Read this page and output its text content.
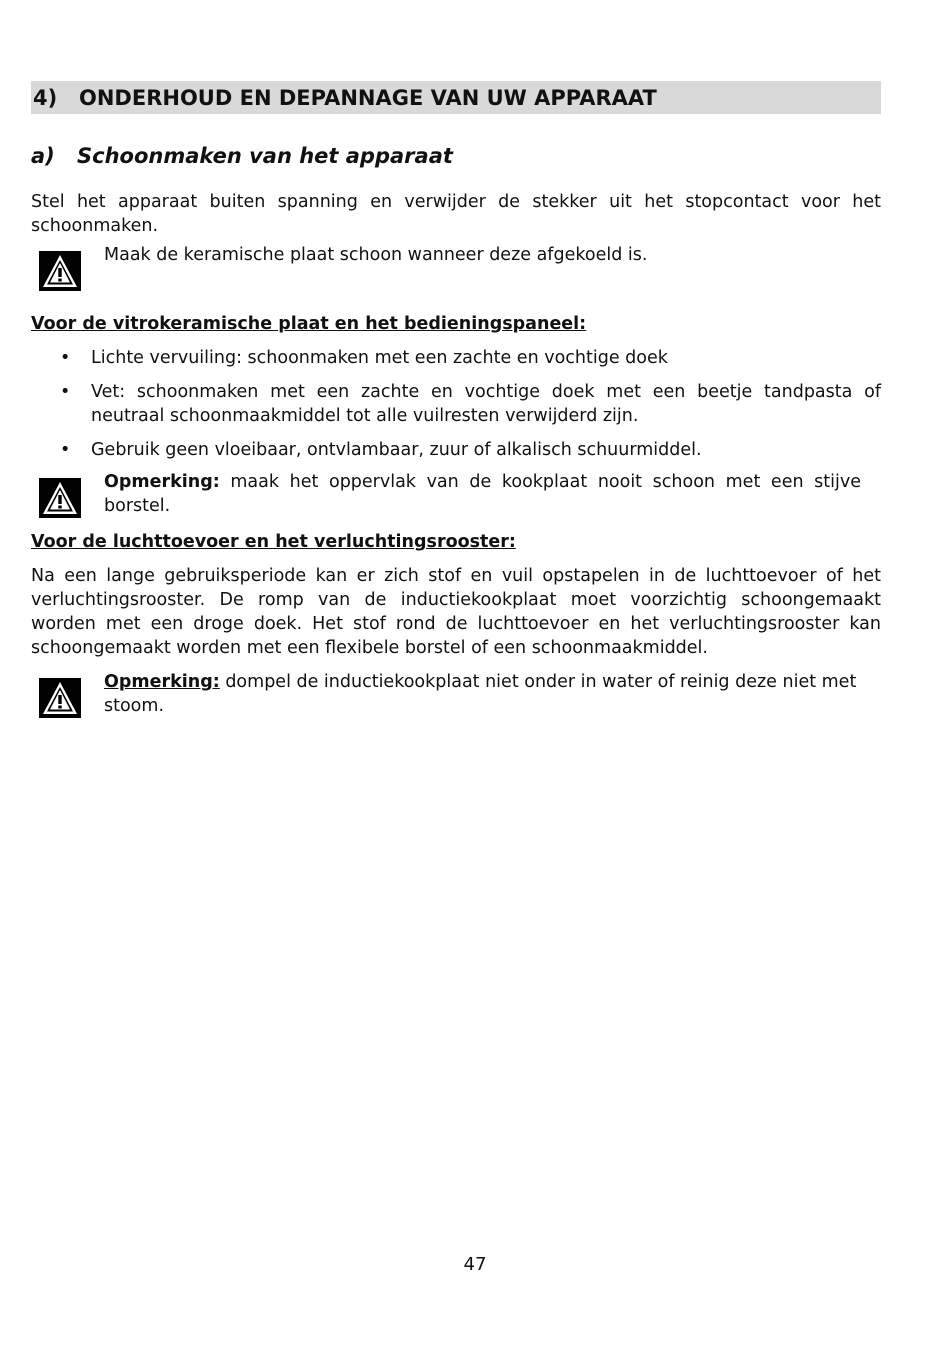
4) ONDERHOUD EN DEPANNAGE VAN UW APPARAAT
a) Schoonmaken van het apparaat

Stel het apparaat buiten spanning en verwijder de stekker uit het stopcontact voor het schoonmaken.

Maak de keramische plaat schoon wanneer deze afgekoeld is.
Voor de vitrokeramische plaat en het bedieningspaneel:
• Lichte vervuiling: schoonmaken met een zachte en vochtige doek
• Vet: schoonmaken met een zachte en vochtige doek met een beetje tandpasta of neutraal schoonmaakmiddel tot alle vuilresten verwijderd zijn.
• Gebruik geen vloeibaar, ontvlambaar, zuur of alkalisch schuurmiddel.
Opmerking: maak het oppervlak van de kookplaat nooit schoon met een stijve borstel.
Voor de luchttoevoer en het verluchtingsrooster:

Na een lange gebruiksperiode kan er zich stof en vuil opstapelen in de luchttoevoer of het verluchtingsrooster. De romp van de inductiekookplaat moet voorzichtig schoongemaakt worden met een droge doek. Het stof rond de luchttoevoer en het verluchtingsrooster kan schoongemaakt worden met een flexibele borstel of een schoonmaakmiddel.

Opmerking: dompel de inductiekookplaat niet onder in water of reinig deze niet met stoom.
47
